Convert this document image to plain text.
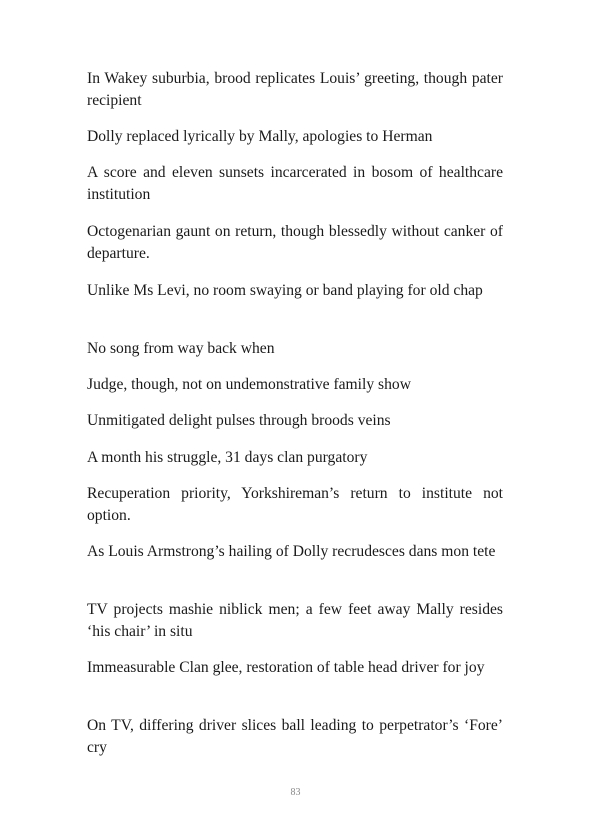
In Wakey suburbia, brood replicates Louis’ greeting, though pater recipient

Dolly replaced lyrically by Mally, apologies to Herman

A score and eleven sunsets incarcerated in bosom of healthcare institution

Octogenarian gaunt on return, though blessedly without canker of departure.

Unlike Ms Levi, no room swaying or band playing for old chap

No song from way back when

Judge, though, not on undemonstrative family show

Unmitigated delight pulses through broods veins

A month his struggle, 31 days clan purgatory

Recuperation priority, Yorkshireman’s return to institute not option.

As Louis Armstrong’s hailing of Dolly recrudesces dans mon tete

TV projects mashie niblick men; a few feet away Mally resides ‘his chair’ in situ

Immeasurable Clan glee, restoration of table head driver for joy

On TV, differing driver slices ball leading to perpetrator’s ‘Fore’ cry

83
